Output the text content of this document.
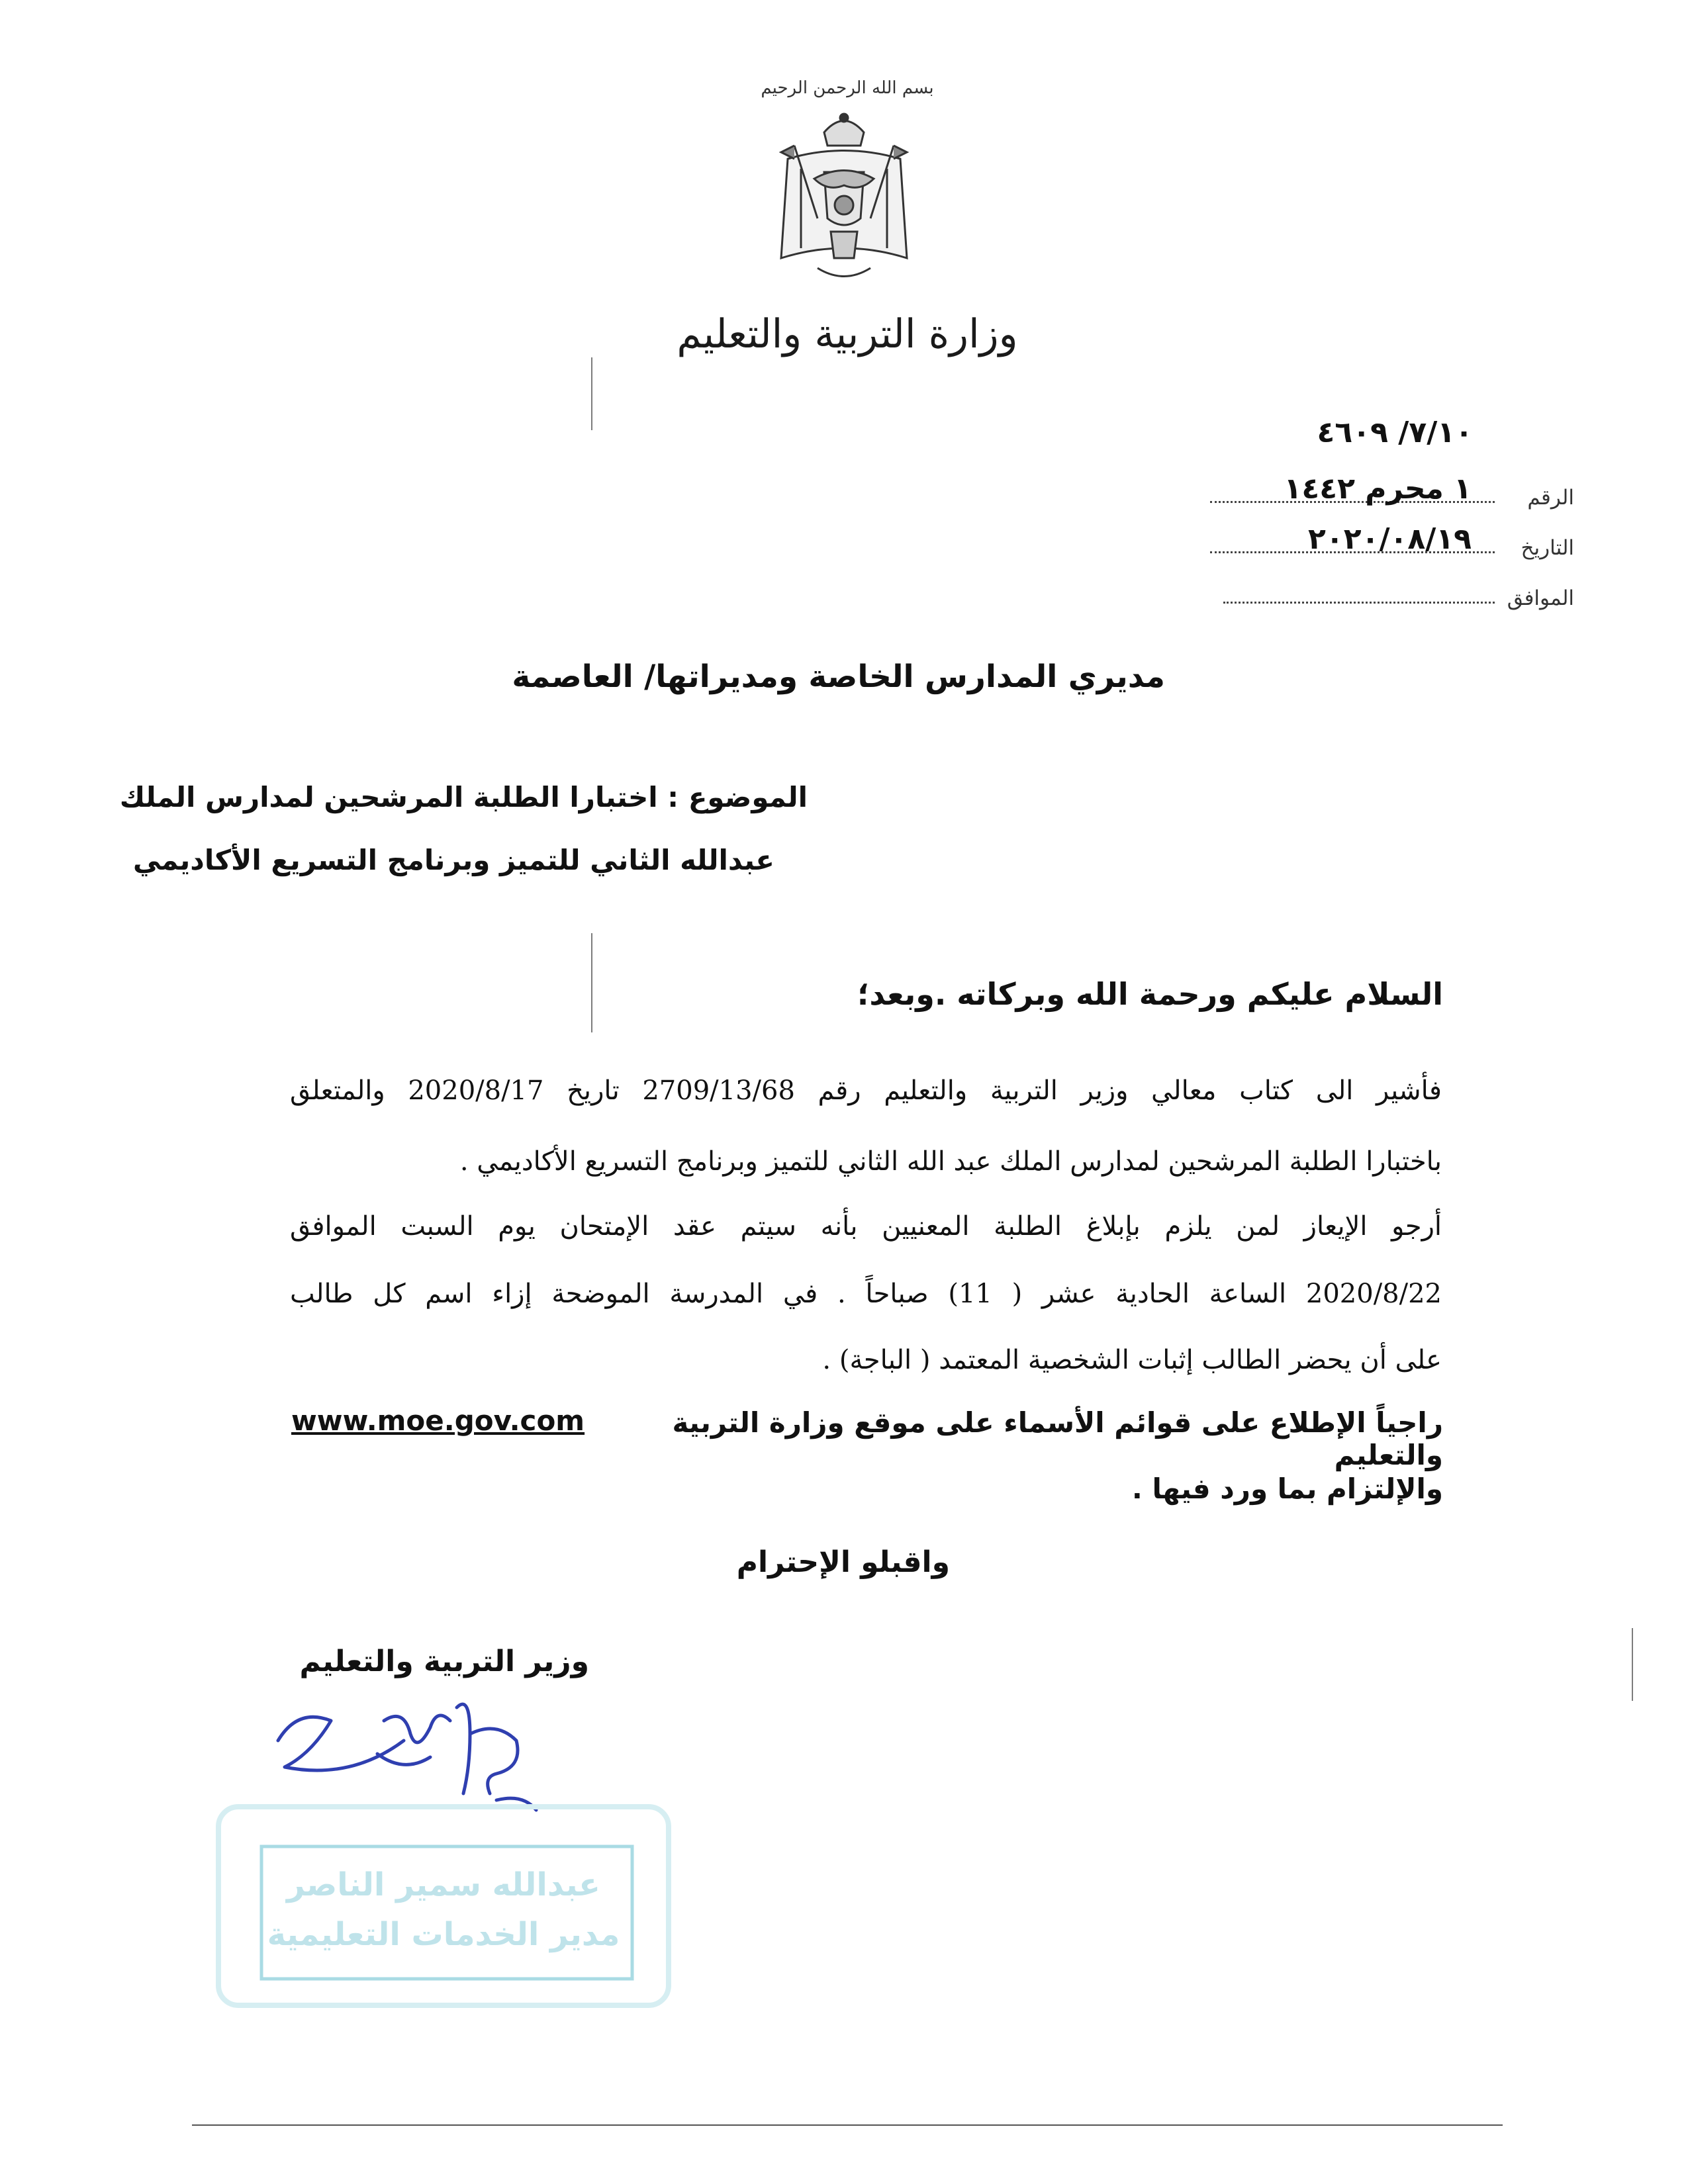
بسم الله الرحمن الرحيم
وزارة التربية والتعليم
٧/١٠/ ٤٦٠٩
الرقم
١ محرم ١٤٤٢
التاريخ
٢٠٢٠/٠٨/١٩
الموافق
مديري المدارس الخاصة ومديراتها/ العاصمة
الموضوع : اختبارا الطلبة المرشحين لمدارس الملك
عبدالله الثاني للتميز وبرنامج التسريع الأكاديمي
السلام عليكم ورحمة الله وبركاته .وبعد؛
فأشير الى كتاب معالي وزير التربية والتعليم رقم 2709/13/68 تاريخ 2020/8/17 والمتعلق
باختبارا الطلبة المرشحين لمدارس الملك عبد الله الثاني للتميز وبرنامج التسريع الأكاديمي .
أرجو الإيعاز لمن يلزم بإبلاغ الطلبة المعنيين بأنه سيتم عقد الإمتحان يوم السبت الموافق
2020/8/22 الساعة الحادية عشر ( 11) صباحاً . في المدرسة الموضحة إزاء اسم كل طالب
على أن يحضر الطالب إثبات الشخصية المعتمد ( الباجة) .
راجياً الإطلاع على قوائم الأسماء على موقع وزارة التربية والتعليم
www.moe.gov.com
والإلتزام بما ورد فيها .
واقبلو الإحترام
وزير التربية والتعليم
عبدالله سمير الناصر
مدير الخدمات التعليمية
